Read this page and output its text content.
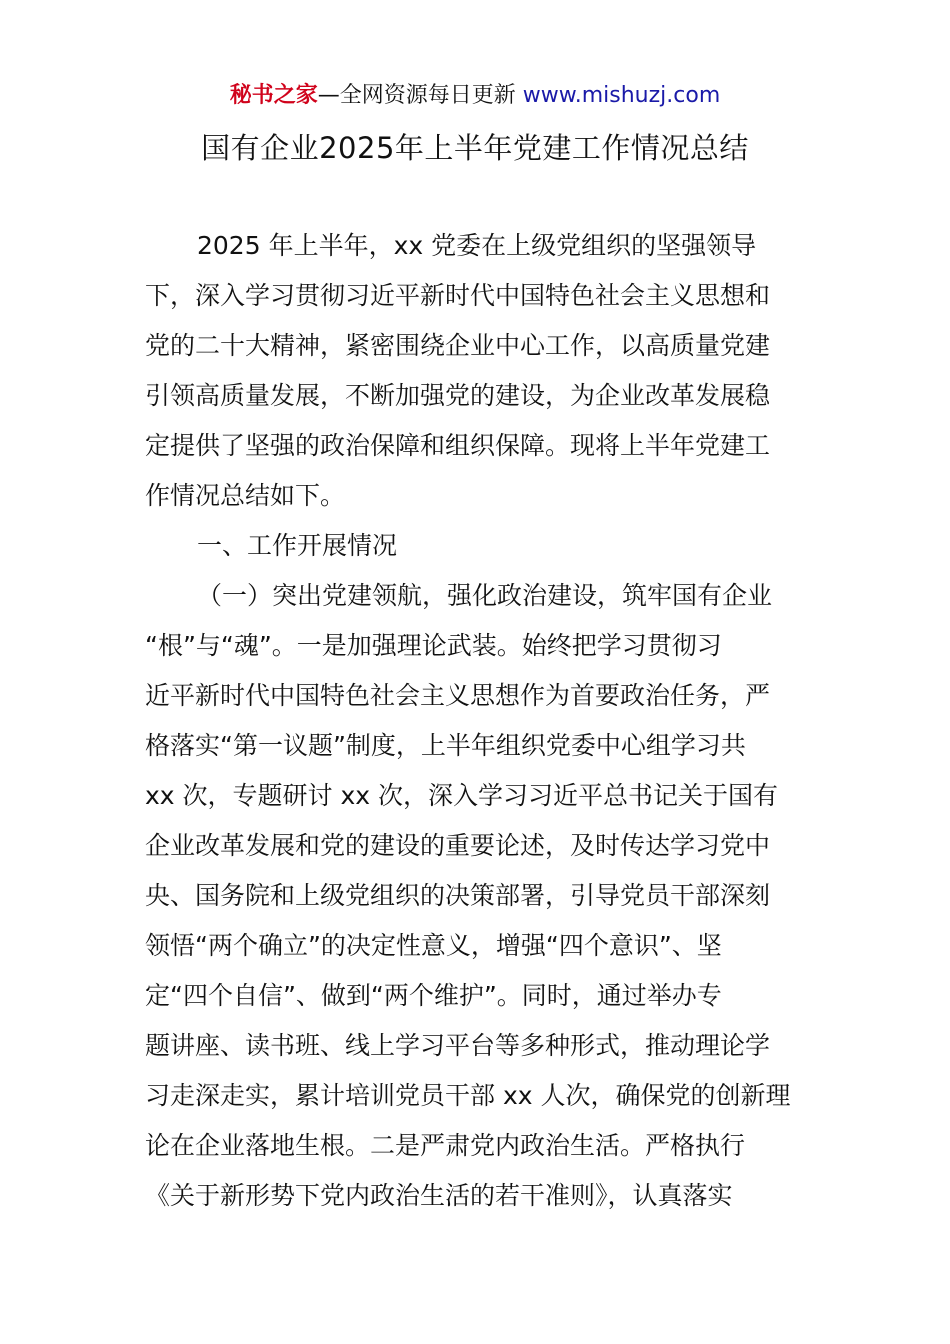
秘书之家—全网资源每日更新 www.mishuzj.com
国有企业2025年上半年党建工作情况总结
2025 年上半年，xx 党委在上级党组织的坚强领导
下，深入学习贯彻习近平新时代中国特色社会主义思想和
党的二十大精神，紧密围绕企业中心工作，以高质量党建
引领高质量发展，不断加强党的建设，为企业改革发展稳
定提供了坚强的政治保障和组织保障。现将上半年党建工
作情况总结如下。
一、工作开展情况
（一）突出党建领航，强化政治建设，筑牢国有企业
“根”与“魂”。一是加强理论武装。始终把学习贯彻习
近平新时代中国特色社会主义思想作为首要政治任务，严
格落实“第一议题”制度，上半年组织党委中心组学习共
xx 次，专题研讨 xx 次，深入学习习近平总书记关于国有
企业改革发展和党的建设的重要论述，及时传达学习党中
央、国务院和上级党组织的决策部署，引导党员干部深刻
领悟“两个确立”的决定性意义，增强“四个意识”、坚
定“四个自信”、做到“两个维护”。同时，通过举办专
题讲座、读书班、线上学习平台等多种形式，推动理论学
习走深走实，累计培训党员干部 xx 人次，确保党的创新理
论在企业落地生根。二是严肃党内政治生活。严格执行
《关于新形势下党内政治生活的若干准则》，认真落实
